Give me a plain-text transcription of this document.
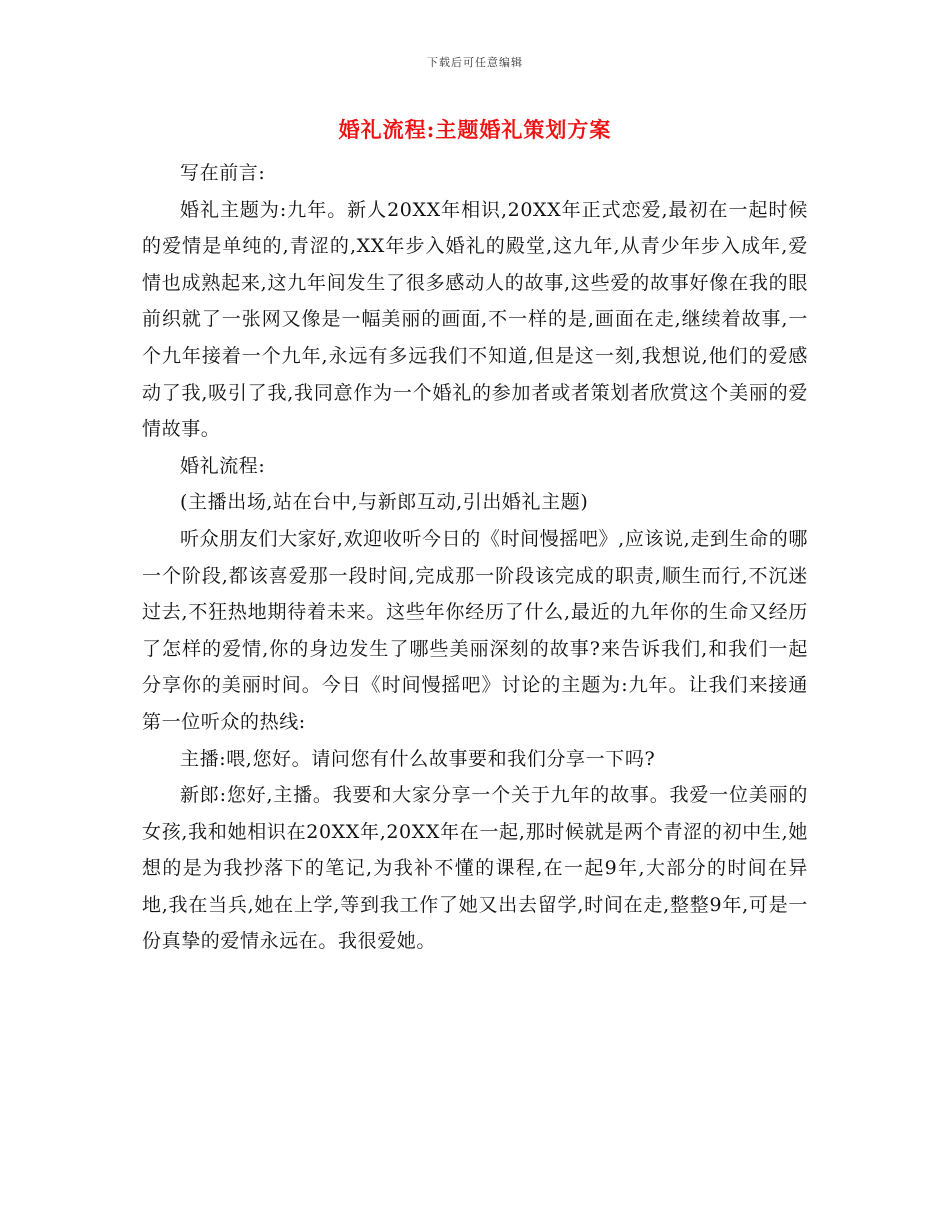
下载后可任意编辑
婚礼流程:主题婚礼策划方案

写在前言:

婚礼主题为:九年。新人20XX年相识,20XX年正式恋爱,最初在一起时候的爱情是单纯的,青涩的,XX年步入婚礼的殿堂,这九年,从青少年步入成年,爱情也成熟起来,这九年间发生了很多感动人的故事,这些爱的故事好像在我的眼前织就了一张网又像是一幅美丽的画面,不一样的是,画面在走,继续着故事,一个九年接着一个九年,永远有多远我们不知道,但是这一刻,我想说,他们的爱感动了我,吸引了我,我同意作为一个婚礼的参加者或者策划者欣赏这个美丽的爱情故事。

婚礼流程:

(主播出场,站在台中,与新郎互动,引出婚礼主题)

听众朋友们大家好,欢迎收听今日的《时间慢摇吧》,应该说,走到生命的哪一个阶段,都该喜爱那一段时间,完成那一阶段该完成的职责,顺生而行,不沉迷过去,不狂热地期待着未来。这些年你经历了什么,最近的九年你的生命又经历了怎样的爱情,你的身边发生了哪些美丽深刻的故事?来告诉我们,和我们一起分享你的美丽时间。今日《时间慢摇吧》讨论的主题为:九年。让我们来接通第一位听众的热线:

主播:喂,您好。请问您有什么故事要和我们分享一下吗?

新郎:您好,主播。我要和大家分享一个关于九年的故事。我爱一位美丽的女孩,我和她相识在20XX年,20XX年在一起,那时候就是两个青涩的初中生,她想的是为我抄落下的笔记,为我补不懂的课程,在一起9年,大部分的时间在异地,我在当兵,她在上学,等到我工作了她又出去留学,时间在走,整整9年,可是一份真挚的爱情永远在。我很爱她。
